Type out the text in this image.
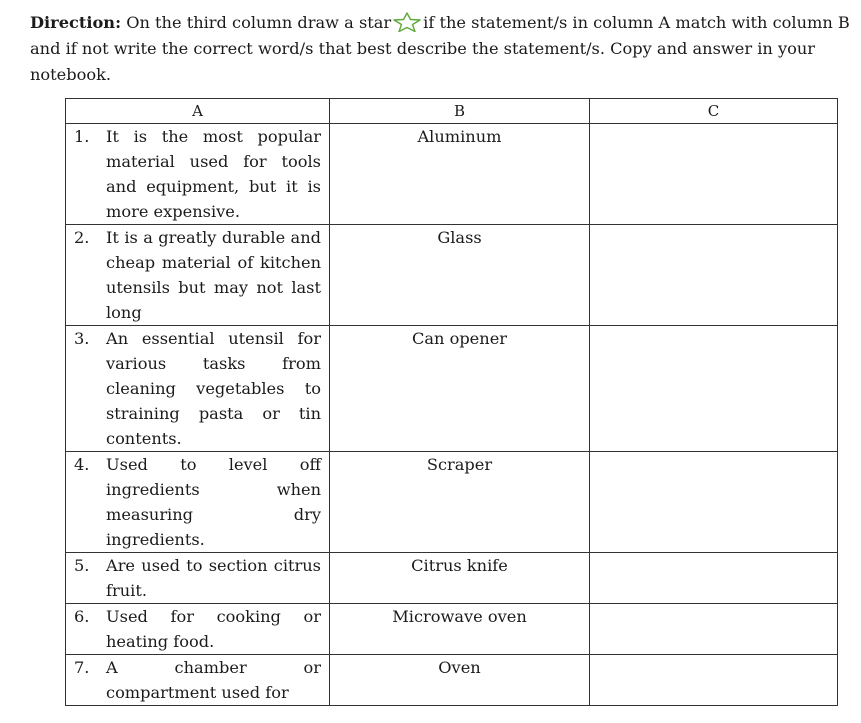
Direction: On the third column draw a star if the statement/s in column A match with column B and if not write the correct word/s that best describe the statement/s. Copy and answer in your notebook.

A	B	C

1. It is the most popular material used for tools and equipment, but it is more expensive.	Aluminum	

2. It is a greatly durable and cheap material of kitchen utensils but may not last long	Glass	

3. An essential utensil for various tasks from cleaning vegetables to straining pasta or tin contents.	Can opener	

4. Used to level off ingredients when measuring dry ingredients.	Scraper	

5. Are used to section citrus fruit.	Citrus knife	

6. Used for cooking or heating food.	Microwave oven	

7. A chamber or compartment used for	Oven	
